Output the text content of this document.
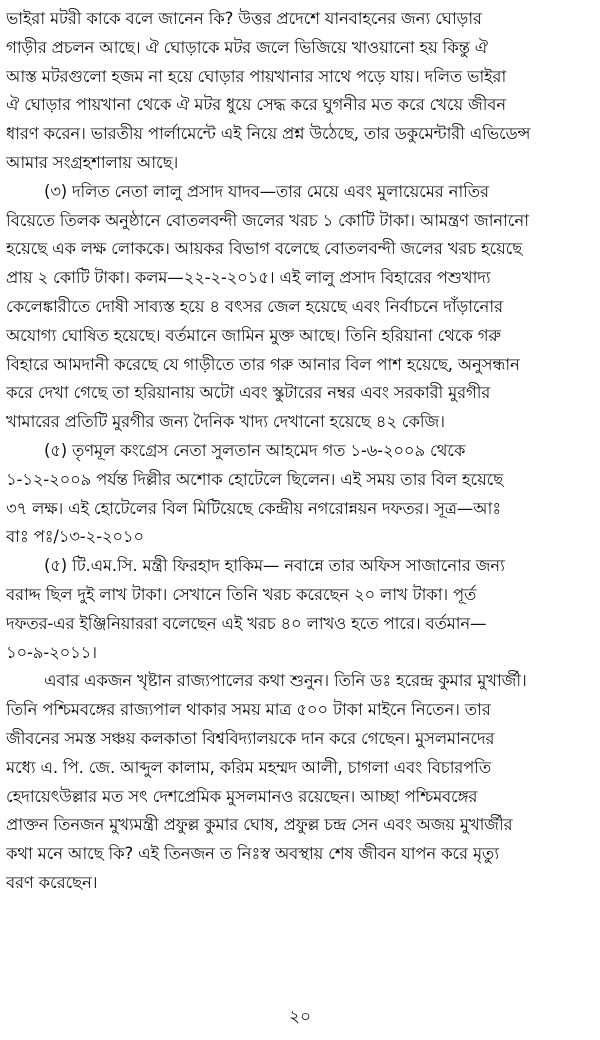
ভাইরা মটরী কাকে বলে জানেন কি? উত্তর প্রদেশে যানবাহনের জন্য ঘোড়ার
গাড়ীর প্রচলন আছে। ঐ ঘোড়াকে মটর জলে ভিজিয়ে খাওয়ানো হয় কিন্তু ঐ
আস্ত মটরগুলো হজম না হয়ে ঘোড়ার পায়খানার সাথে পড়ে যায়। দলিত ভাইরা
ঐ ঘোড়ার পায়খানা থেকে ঐ মটর ধুয়ে সেদ্ধ করে ঘুগনীর মত করে খেয়ে জীবন
ধারণ করেন। ভারতীয় পার্লামেন্টে এই নিয়ে প্রশ্ন উঠেছে, তার ডকুমেন্টারী এভিডেন্স
আমার সংগ্রহশালায় আছে।
(৩) দলিত নেতা লালু প্রসাদ যাদব—তার মেয়ে এবং মুলায়েমের নাতির
বিয়েতে তিলক অনুষ্ঠানে বোতলবন্দী জলের খরচ ১ কোটি টাকা। আমন্ত্রণ জানানো
হয়েছে এক লক্ষ লোককে। আয়কর বিভাগ বলেছে বোতলবন্দী জলের খরচ হয়েছে
প্রায় ২ কোটি টাকা। কলম—২২-২-২০১৫। এই লালু প্রসাদ বিহারের পশুখাদ্য
কেলেঙ্কারীতে দোষী সাব্যস্ত হয়ে ৪ বৎসর জেল হয়েছে এবং নির্বাচনে দাঁড়ানোর
অযোগ্য ঘোষিত হয়েছে। বর্তমানে জামিন মুক্ত আছে। তিনি হরিয়ানা থেকে গরু
বিহারে আমদানী করেছে যে গাড়ীতে তার গরু আনার বিল পাশ হয়েছে, অনুসন্ধান
করে দেখা গেছে তা হরিয়ানায় অটো এবং স্কুটারের নম্বর এবং সরকারী মুরগীর
খামারের প্রতিটি মুরগীর জন্য দৈনিক খাদ্য দেখানো হয়েছে ৪২ কেজি।
(৫) তৃণমূল কংগ্রেস নেতা সুলতান আহমেদ গত ১-৬-২০০৯ থেকে
১-১২-২০০৯ পর্যন্ত দিল্লীর অশোক হোটেলে ছিলেন। এই সময় তার বিল হয়েছে
৩৭ লক্ষ। এই হোটেলের বিল মিটিয়েছে কেন্দ্রীয় নগরোন্নয়ন দফতর। সূত্র—আঃ
বাঃ পঃ/১৩-২-২০১০
(৫) টি.এম.সি. মন্ত্রী ফিরহাদ হাকিম— নবান্নে তার অফিস সাজানোর জন্য
বরাদ্দ ছিল দুই লাখ টাকা। সেখানে তিনি খরচ করেছেন ২০ লাখ টাকা। পূর্ত
দফতর-এর ইঞ্জিনিয়াররা বলেছেন এই খরচ ৪০ লাখও হতে পারে। বর্তমান—
১০-৯-২০১১।
এবার একজন খৃষ্টান রাজ্যপালের কথা শুনুন। তিনি ডঃ হরেন্দ্র কুমার মুখার্জী।
তিনি পশ্চিমবঙ্গের রাজ্যপাল থাকার সময় মাত্র ৫০০ টাকা মাইনে নিতেন। তার
জীবনের সমস্ত সঞ্চয় কলকাতা বিশ্ববিদ্যালয়কে দান করে গেছেন। মুসলমানদের
মধ্যে এ. পি. জে. আব্দুল কালাম, করিম মহম্মদ আলী, চাগলা এবং বিচারপতি
হেদায়েৎউল্লার মত সৎ দেশপ্রেমিক মুসলমানও রয়েছেন। আচ্ছা পশ্চিমবঙ্গের
প্রাক্তন তিনজন মুখ্যমন্ত্রী প্রফুল্ল কুমার ঘোষ, প্রফুল্ল চন্দ্র সেন এবং অজয় মুখার্জীর
কথা মনে আছে কি? এই তিনজন ত নিঃস্ব অবস্থায় শেষ জীবন যাপন করে মৃত্যু
বরণ করেছেন।
২০
